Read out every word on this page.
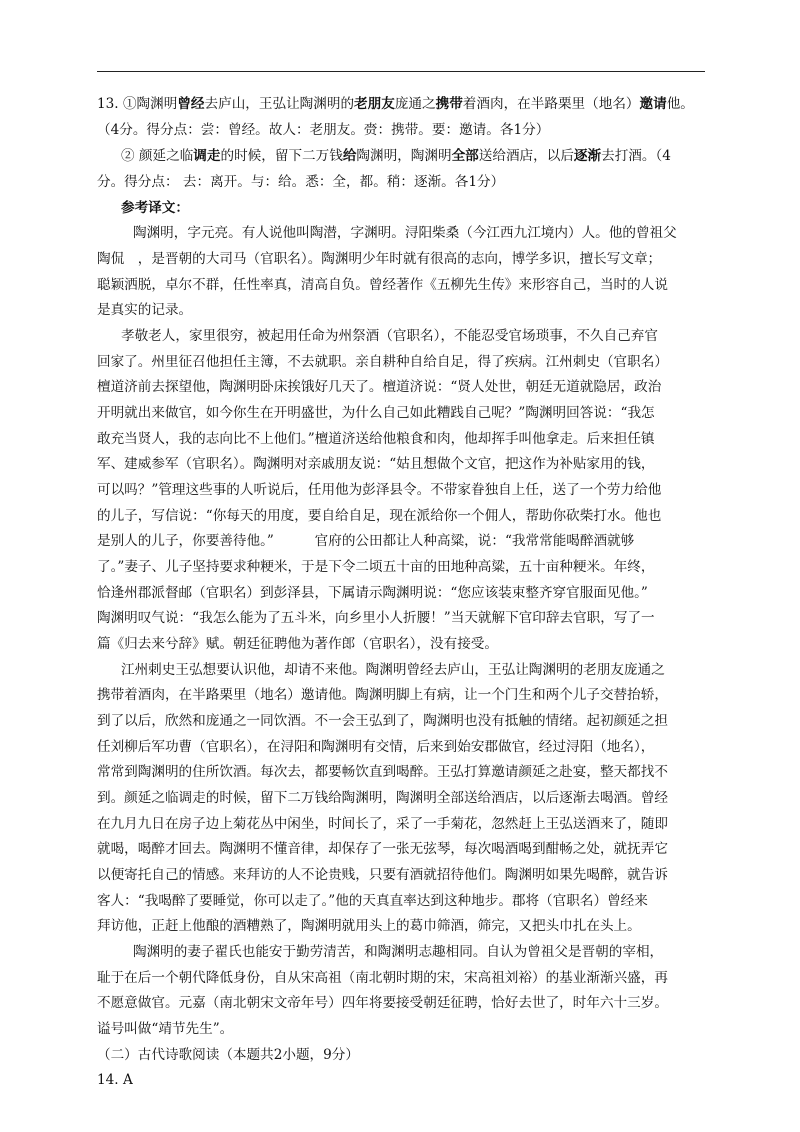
13. ①陶渊明曾经去庐山，王弘让陶渊明的老朋友庞通之携带着酒肉，在半路栗里（地名）邀请他。
（4分。得分点：尝：曾经。故人：老朋友。赍：携带。要：邀请。各1分）
② 颜延之临调走的时候，留下二万钱给陶渊明，陶渊明全部送给酒店，以后逐渐去打酒。（4
分。得分点： 去：离开。与：给。悉：全，都。稍：逐渐。各1分）
参考译文：
陶渊明，字元亮。有人说他叫陶潜，字渊明。浔阳柴桑（今江西九江境内）人。他的曾祖父
陶侃　，是晋朝的大司马（官职名）。陶渊明少年时就有很高的志向，博学多识，擅长写文章；
聪颖洒脱，卓尔不群，任性率真，清高自负。曾经著作《五柳先生传》来形容自己，当时的人说
是真实的记录。
孝敬老人，家里很穷，被起用任命为州祭酒（官职名），不能忍受官场琐事，不久自己弃官
回家了。州里征召他担任主簿，不去就职。亲自耕种自给自足，得了疾病。江州刺史（官职名）
檀道济前去探望他，陶渊明卧床挨饿好几天了。檀道济说：“贤人处世，朝廷无道就隐居，政治
开明就出来做官，如今你生在开明盛世，为什么自己如此糟践自己呢？”陶渊明回答说：“我怎
敢充当贤人，我的志向比不上他们。”檀道济送给他粮食和肉，他却挥手叫他拿走。后来担任镇
军、建威参军（官职名）。陶渊明对亲戚朋友说：“姑且想做个文官，把这作为补贴家用的钱，
可以吗？”管理这些事的人听说后，任用他为彭泽县令。不带家眷独自上任，送了一个劳力给他
的儿子，写信说：“你每天的用度，要自给自足，现在派给你一个佣人，帮助你砍柴打水。他也
是别人的儿子，你要善待他。”　　　官府的公田都让人种高粱，说：“我常常能喝醉酒就够
了。”妻子、儿子坚持要求种粳米，于是下令二顷五十亩的田地种高粱，五十亩种粳米。年终，
恰逢州郡派督邮（官职名）到彭泽县，下属请示陶渊明说：“您应该装束整齐穿官服面见他。”
陶渊明叹气说：“我怎么能为了五斗米，向乡里小人折腰！”当天就解下官印辞去官职，写了一
篇《归去来兮辞》赋。朝廷征聘他为著作郎（官职名），没有接受。
江州刺史王弘想要认识他，却请不来他。陶渊明曾经去庐山，王弘让陶渊明的老朋友庞通之
携带着酒肉，在半路栗里（地名）邀请他。陶渊明脚上有病，让一个门生和两个儿子交替抬轿，
到了以后，欣然和庞通之一同饮酒。不一会王弘到了，陶渊明也没有抵触的情绪。起初颜延之担
任刘柳后军功曹（官职名），在浔阳和陶渊明有交情，后来到始安郡做官，经过浔阳（地名），
常常到陶渊明的住所饮酒。每次去，都要畅饮直到喝醉。王弘打算邀请颜延之赴宴，整天都找不
到。颜延之临调走的时候，留下二万钱给陶渊明，陶渊明全部送给酒店，以后逐渐去喝酒。曾经
在九月九日在房子边上菊花丛中闲坐，时间长了，采了一手菊花，忽然赶上王弘送酒来了，随即
就喝，喝醉才回去。陶渊明不懂音律，却保存了一张无弦琴，每次喝酒喝到酣畅之处，就抚弄它
以便寄托自己的情感。来拜访的人不论贵贱，只要有酒就招待他们。陶渊明如果先喝醉，就告诉
客人：“我喝醉了要睡觉，你可以走了。”他的天真直率达到这种地步。郡将（官职名）曾经来
拜访他，正赶上他酿的酒糟熟了，陶渊明就用头上的葛巾筛酒，筛完，又把头巾扎在头上。
陶渊明的妻子翟氏也能安于勤劳清苦，和陶渊明志趣相同。自认为曾祖父是晋朝的宰相，
耻于在后一个朝代降低身份，自从宋高祖（南北朝时期的宋，宋高祖刘裕）的基业渐渐兴盛，再
不愿意做官。元嘉（南北朝宋文帝年号）四年将要接受朝廷征聘，恰好去世了，时年六十三岁。
谥号叫做“靖节先生”。
（二）古代诗歌阅读（本题共2小题，9分）
14. A
